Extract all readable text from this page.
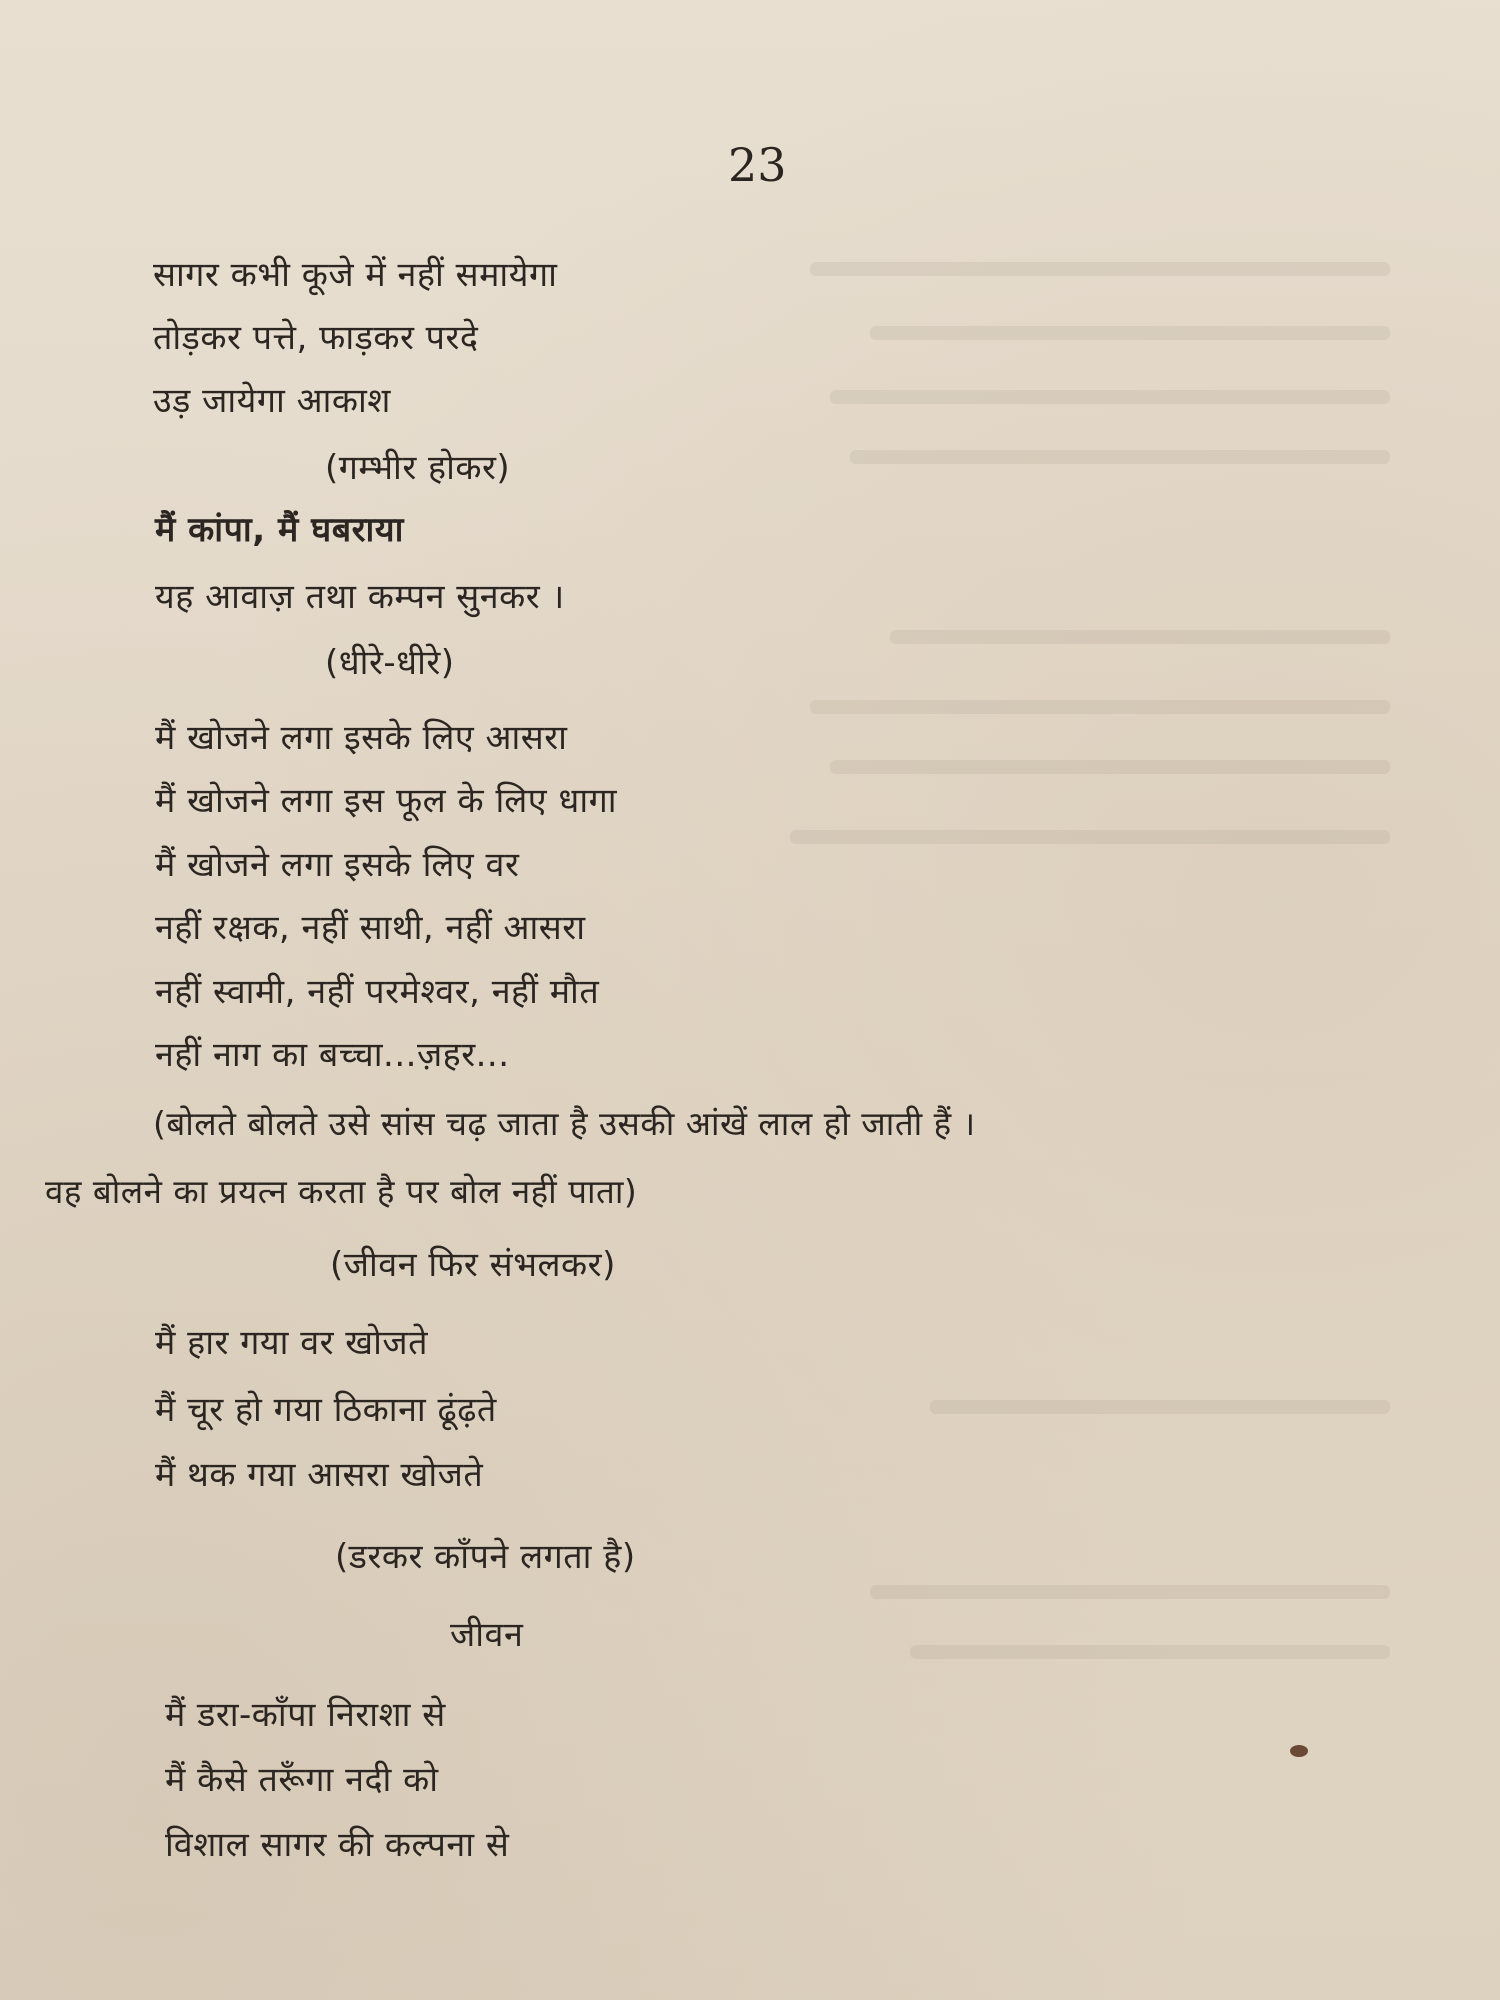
23
सागर कभी कूजे में नहीं समायेगा
तोड़कर पत्ते, फाड़कर परदे
उड़ जायेगा आकाश
(गम्भीर होकर)
मैं कांपा, मैं घबराया
यह आवाज़ तथा कम्पन सुनकर ।
(धीरे-धीरे)
मैं खोजने लगा इसके लिए आसरा
मैं खोजने लगा इस फूल के लिए धागा
मैं खोजने लगा इसके लिए वर
नहीं रक्षक, नहीं साथी, नहीं आसरा
नहीं स्वामी, नहीं परमेश्वर, नहीं मौत
नहीं नाग का बच्चा...ज़हर...
(बोलते बोलते उसे सांस चढ़ जाता है उसकी आंखें लाल हो जाती हैं ।
वह बोलने का प्रयत्न करता है पर बोल नहीं पाता)
(जीवन फिर संभलकर)
मैं हार गया वर खोजते
मैं चूर हो गया ठिकाना ढूंढ़ते
मैं थक गया आसरा खोजते
(डरकर काँपने लगता है)
जीवन
मैं डरा-काँपा निराशा से
मैं कैसे तरूँगा नदी को
विशाल सागर की कल्पना से
